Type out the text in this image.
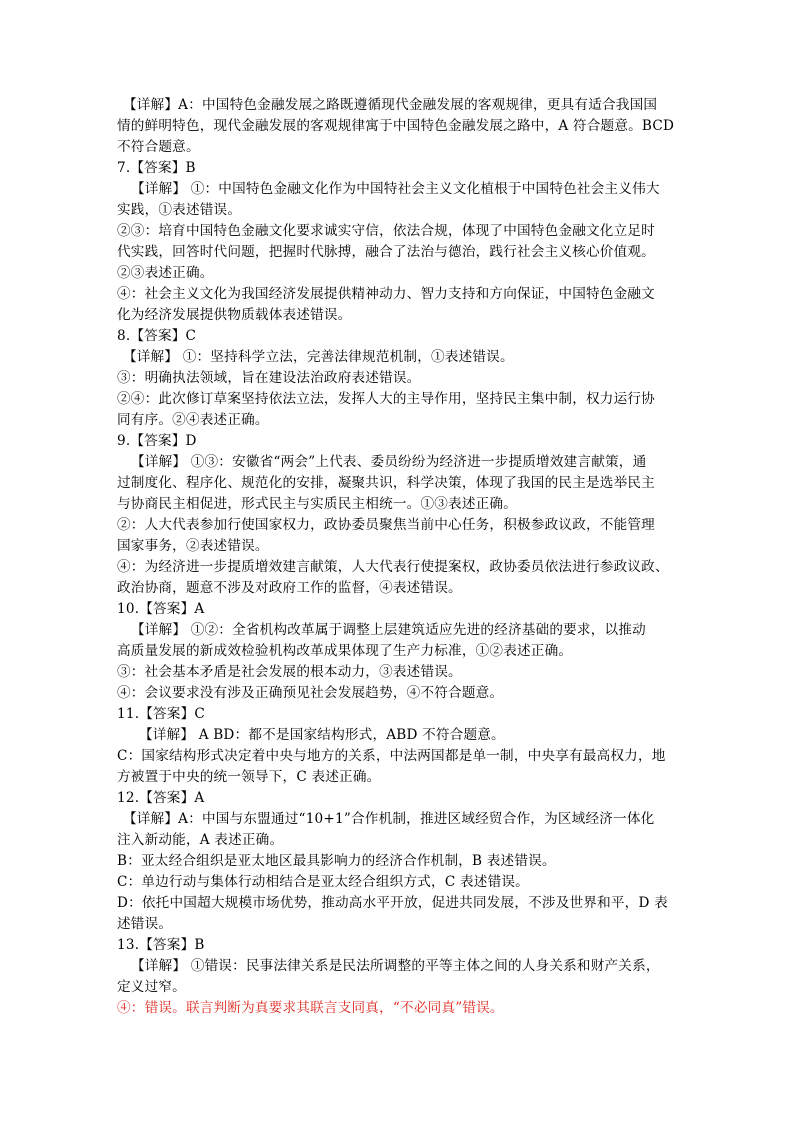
【详解】A：中国特色金融发展之路既遵循现代金融发展的客观规律，更具有适合我国国
情的鲜明特色，现代金融发展的客观规律寓于中国特色金融发展之路中，A 符合题意。BCD
不符合题意。
7.【答案】B
【详解】 ①：中国特色金融文化作为中国特社会主义文化植根于中国特色社会主义伟大
实践，①表述错误。
②③：培育中国特色金融文化要求诚实守信，依法合规，体现了中国特色金融文化立足时
代实践，回答时代问题，把握时代脉搏，融合了法治与德治，践行社会主义核心价值观。
②③表述正确。
④：社会主义文化为我国经济发展提供精神动力、智力支持和方向保证，中国特色金融文
化为经济发展提供物质载体表述错误。
8.【答案】C
【详解】 ①：坚持科学立法，完善法律规范机制，①表述错误。
③：明确执法领域，旨在建设法治政府表述错误。
②④：此次修订草案坚持依法立法，发挥人大的主导作用，坚持民主集中制，权力运行协
同有序。②④表述正确。
9.【答案】D
【详解】 ①③：安徽省“两会”上代表、委员纷纷为经济进一步提质增效建言献策，通
过制度化、程序化、规范化的安排，凝聚共识，科学决策，体现了我国的民主是选举民主
与协商民主相促进，形式民主与实质民主相统一。①③表述正确。
②：人大代表参加行使国家权力，政协委员聚焦当前中心任务，积极参政议政，不能管理
国家事务，②表述错误。
④：为经济进一步提质增效建言献策，人大代表行使提案权，政协委员依法进行参政议政、
政治协商，题意不涉及对政府工作的监督，④表述错误。
10.【答案】A
【详解】 ①②：全省机构改革属于调整上层建筑适应先进的经济基础的要求，以推动
高质量发展的新成效检验机构改革成果体现了生产力标准，①②表述正确。
③：社会基本矛盾是社会发展的根本动力，③表述错误。
④：会议要求没有涉及正确预见社会发展趋势，④不符合题意。
11.【答案】C
【详解】 A BD：都不是国家结构形式，ABD 不符合题意。
C：国家结构形式决定着中央与地方的关系，中法两国都是单一制，中央享有最高权力，地
方被置于中央的统一领导下，C 表述正确。
12.【答案】A
【详解】A：中国与东盟通过“10+1”合作机制，推进区域经贸合作，为区域经济一体化
注入新动能，A 表述正确。
B：亚太经合组织是亚太地区最具影响力的经济合作机制，B 表述错误。
C：单边行动与集体行动相结合是亚太经合组织方式，C 表述错误。
D：依托中国超大规模市场优势，推动高水平开放，促进共同发展，不涉及世界和平，D 表
述错误。
13.【答案】B
【详解】 ①错误：民事法律关系是民法所调整的平等主体之间的人身关系和财产关系，
定义过窄。
④：错误。联言判断为真要求其联言支同真，“不必同真”错误。
